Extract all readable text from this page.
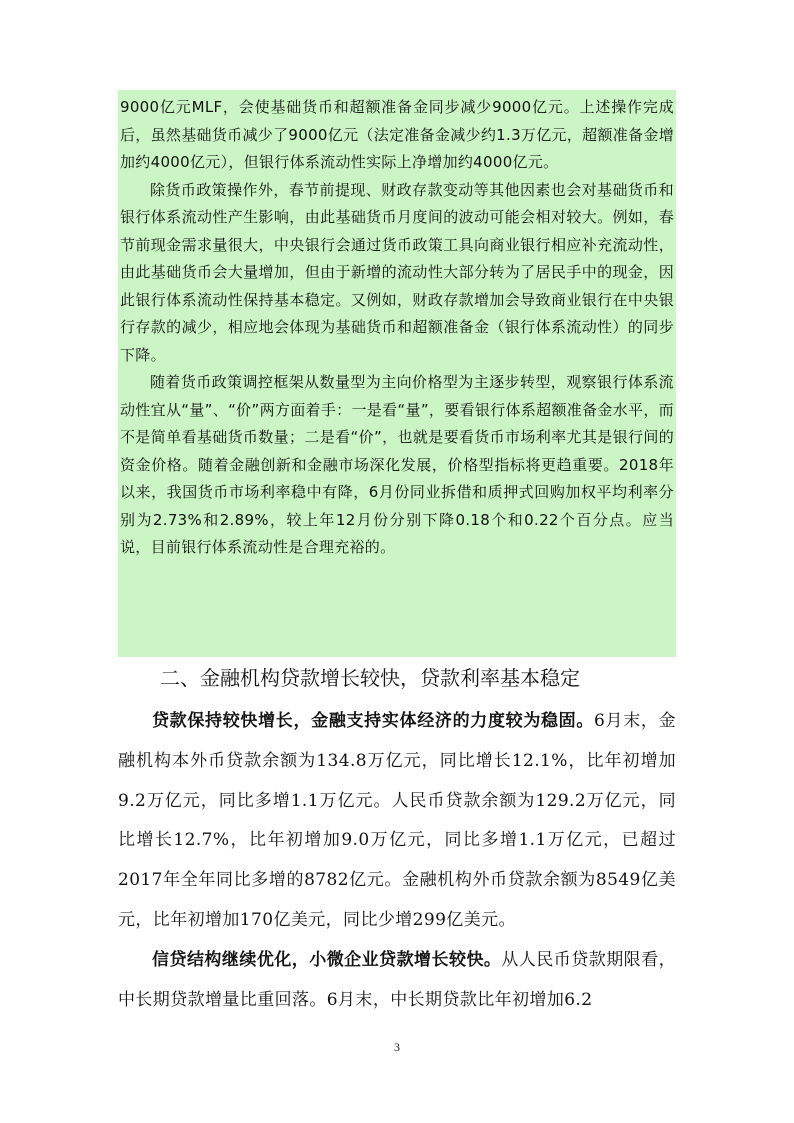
9000亿元MLF，会使基础货币和超额准备金同步减少9000亿元。上述操作完成后，虽然基础货币减少了9000亿元（法定准备金减少约1.3万亿元，超额准备金增加约4000亿元），但银行体系流动性实际上净增加约4000亿元。

除货币政策操作外，春节前提现、财政存款变动等其他因素也会对基础货币和银行体系流动性产生影响，由此基础货币月度间的波动可能会相对较大。例如，春节前现金需求量很大，中央银行会通过货币政策工具向商业银行相应补充流动性，由此基础货币会大量增加，但由于新增的流动性大部分转为了居民手中的现金，因此银行体系流动性保持基本稳定。又例如，财政存款增加会导致商业银行在中央银行存款的减少，相应地会体现为基础货币和超额准备金（银行体系流动性）的同步下降。

随着货币政策调控框架从数量型为主向价格型为主逐步转型，观察银行体系流动性宜从“量”、“价”两方面着手：一是看“量”，要看银行体系超额准备金水平，而不是简单看基础货币数量；二是看“价”，也就是要看货币市场利率尤其是银行间的资金价格。随着金融创新和金融市场深化发展，价格型指标将更趋重要。2018年以来，我国货币市场利率稳中有降，6月份同业拆借和质押式回购加权平均利率分别为2.73%和2.89%，较上年12月份分别下降0.18个和0.22个百分点。应当说，目前银行体系流动性是合理充裕的。

二、金融机构贷款增长较快，贷款利率基本稳定

贷款保持较快增长，金融支持实体经济的力度较为稳固。6月末，金融机构本外币贷款余额为134.8万亿元，同比增长12.1%，比年初增加9.2万亿元，同比多增1.1万亿元。人民币贷款余额为129.2万亿元，同比增长12.7%，比年初增加9.0万亿元，同比多增1.1万亿元，已超过2017年全年同比多增的8782亿元。金融机构外币贷款余额为8549亿美元，比年初增加170亿美元，同比少增299亿美元。

信贷结构继续优化，小微企业贷款增长较快。从人民币贷款期限看，中长期贷款增量比重回落。6月末，中长期贷款比年初增加6.2

3
